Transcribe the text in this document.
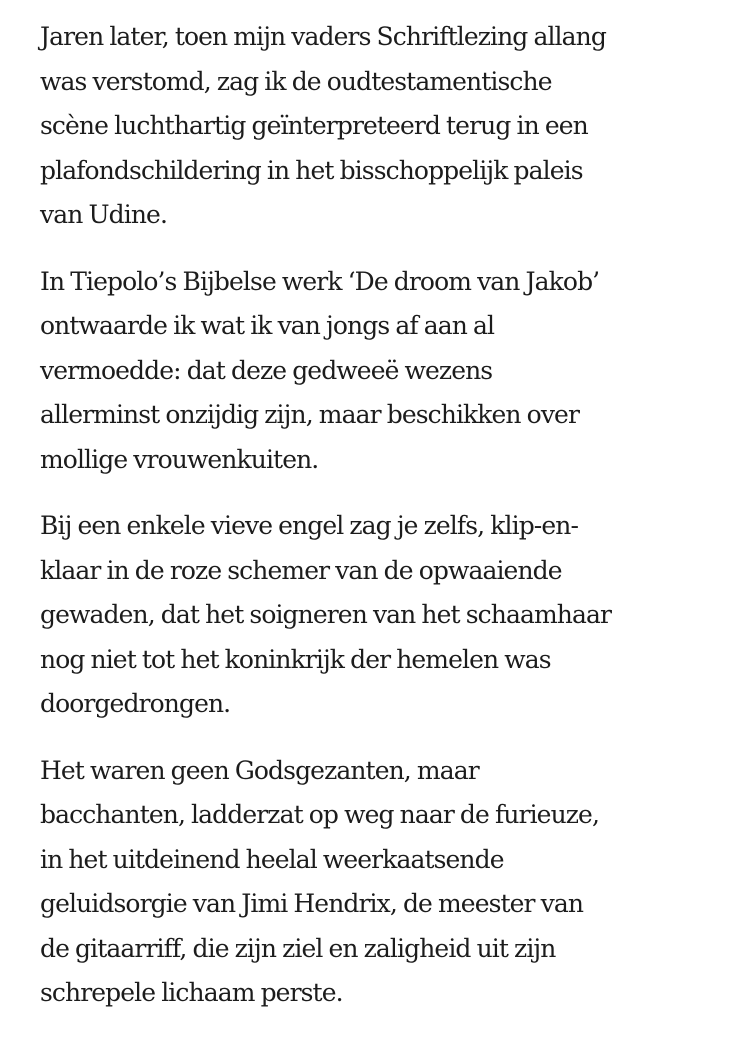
Jaren later, toen mijn vaders Schriftlezing allang
was verstomd, zag ik de oudtestamentische
scène luchthartig geïnterpreteerd terug in een
plafondschildering in het bisschoppelijk paleis
van Udine.

In Tiepolo’s Bijbelse werk ‘De droom van Jakob’
ontwaarde ik wat ik van jongs af aan al
vermoedde: dat deze gedweeë wezens
allerminst onzijdig zijn, maar beschikken over
mollige vrouwenkuiten.

Bij een enkele vieve engel zag je zelfs, klip-en-
klaar in de roze schemer van de opwaaiende
gewaden, dat het soigneren van het schaamhaar
nog niet tot het koninkrijk der hemelen was
doorgedrongen.

Het waren geen Godsgezanten, maar
bacchanten, ladderzat op weg naar de furieuze,
in het uitdeinend heelal weerkaatsende
geluidsorgie van Jimi Hendrix, de meester van
de gitaarriff, die zijn ziel en zaligheid uit zijn
schrepele lichaam perste.
